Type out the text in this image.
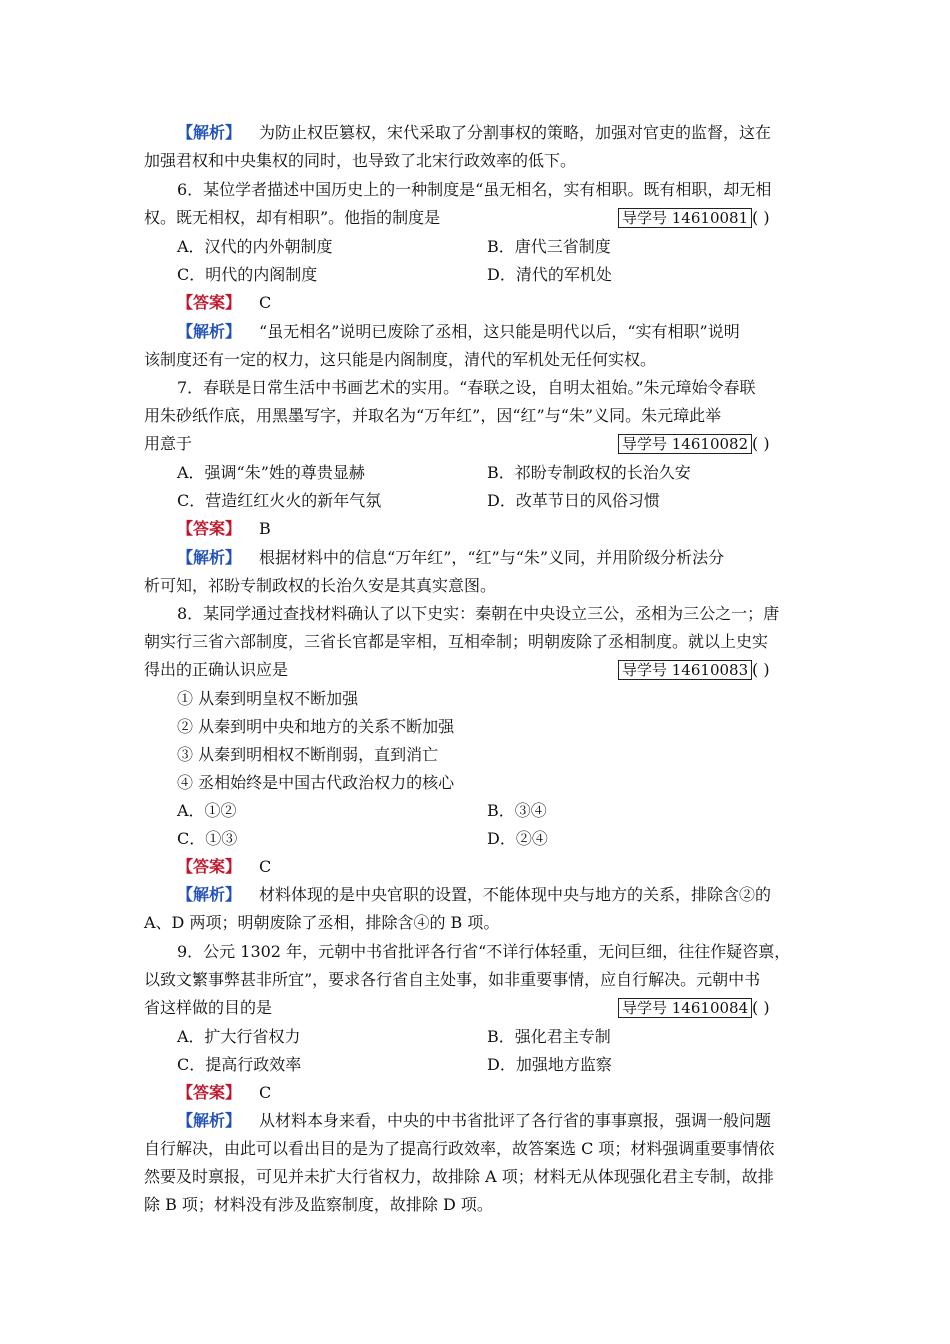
【解析】 为防止权臣篡权，宋代采取了分割事权的策略，加强对官吏的监督，这在
加强君权和中央集权的同时，也导致了北宋行政效率的低下。
6．某位学者描述中国历史上的一种制度是“虽无相名，实有相职。既有相职，却无相
权。既无相权，却有相职”。他指的制度是	导学号 14610081 ( )
A．汉代的内外朝制度	B．唐代三省制度
C．明代的内阁制度	D．清代的军机处
【答案】 C
【解析】 “虽无相名”说明已废除了丞相，这只能是明代以后，“实有相职”说明
该制度还有一定的权力，这只能是内阁制度，清代的军机处无任何实权。
7．春联是日常生活中书画艺术的实用。“春联之设，自明太祖始。”朱元璋始令春联
用朱砂纸作底，用黑墨写字，并取名为“万年红”，因“红”与“朱”义同。朱元璋此举
用意于	导学号 14610082 ( )
A．强调“朱”姓的尊贵显赫	B．祁盼专制政权的长治久安
C．营造红红火火的新年气氛	D．改革节日的风俗习惯
【答案】 B
【解析】 根据材料中的信息“万年红”，“红”与“朱”义同，并用阶级分析法分
析可知，祁盼专制政权的长治久安是其真实意图。
8．某同学通过查找材料确认了以下史实：秦朝在中央设立三公，丞相为三公之一；唐
朝实行三省六部制度，三省长官都是宰相，互相牵制；明朝废除了丞相制度。就以上史实
得出的正确认识应是	导学号 14610083 ( )
① 从秦到明皇权不断加强
② 从秦到明中央和地方的关系不断加强
③ 从秦到明相权不断削弱，直到消亡
④ 丞相始终是中国古代政治权力的核心
A．①②	B．③④
C．①③	D．②④
【答案】 C
【解析】 材料体现的是中央官职的设置，不能体现中央与地方的关系，排除含②的
A、D 两项；明朝废除了丞相，排除含④的 B 项。
9．公元 1302 年，元朝中书省批评各行省“不详行体轻重，无问巨细，往往作疑咨禀，
以致文繁事弊甚非所宜”，要求各行省自主处事，如非重要事情，应自行解决。元朝中书
省这样做的目的是	导学号 14610084 ( )
A．扩大行省权力	B．强化君主专制
C．提高行政效率	D．加强地方监察
【答案】 C
【解析】 从材料本身来看，中央的中书省批评了各行省的事事禀报，强调一般问题
自行解决，由此可以看出目的是为了提高行政效率，故答案选 C 项；材料强调重要事情依
然要及时禀报，可见并未扩大行省权力，故排除 A 项；材料无从体现强化君主专制，故排
除 B 项；材料没有涉及监察制度，故排除 D 项。
